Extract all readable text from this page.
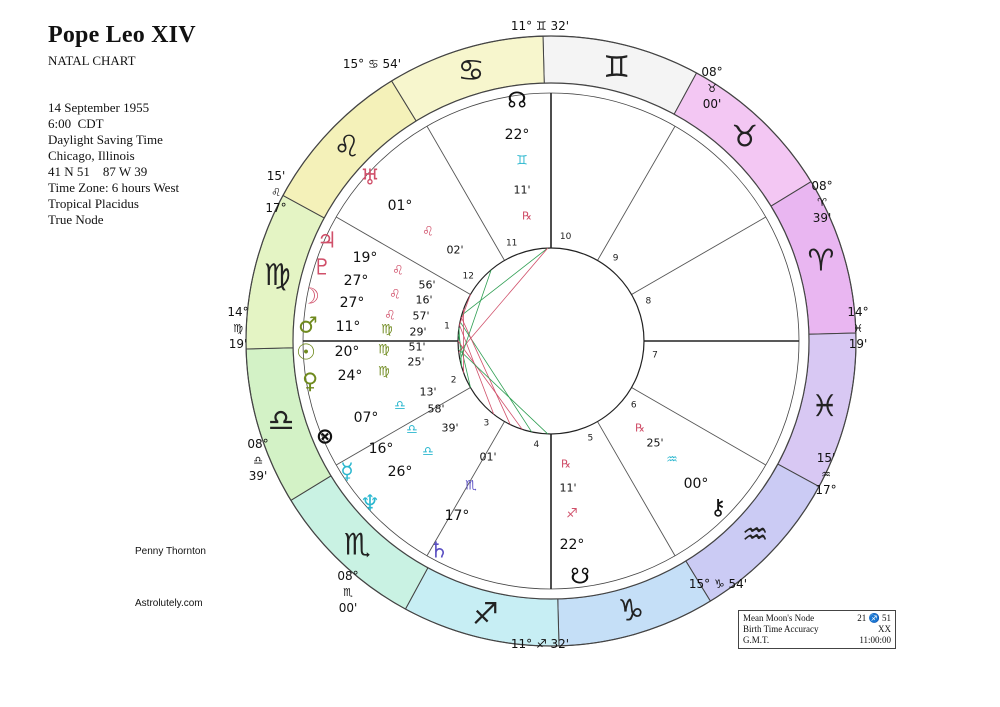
Pope Leo XIV
NATAL CHART
14 September 1955
6:00  CDT
Daylight Saving Time
Chicago, Illinois
41 N 51    87 W 39
Time Zone: 6 hours West
Tropical Placidus
True Node
Penny Thornton
Astrolutely.com
Mean Moon's Node	21 ♐ 51
Birth Time Accuracy	XX
G.M.T.	11:00:00
♊
♉
♈
♓
♒
♑
♐
♏
♎
♍
♌
♋
1
2
3
4
5
6
7
8
9
10
11
12
11° ♊ 32'
08°
♉
00'
08°
♈
39'
14°
♓
19'
15'
♒
17°
15° ♑ 54'
11° ♐ 32'
08°
♏
00'
08°
♎
39'
14°
♍
19'
15'
♌
17°
15° ♋ 54'
☊
22°
♊
11'
℞
♅
01°
♌
02'
♃
19°
♌
56'
♇
27°
♌ 16'
☽ 27°
♌ 57'
♂ 11° ♍ 29'
☉ 20° ♍ 51'
♀ 24° ♍
25'
⊗
07°
♎
13'
☿
16°
♎
58'
♆
26°
♎
39'
♄
17°
♏
01'
☋
22°
♐
11'
℞
⚷
00°
♒
25'
℞
